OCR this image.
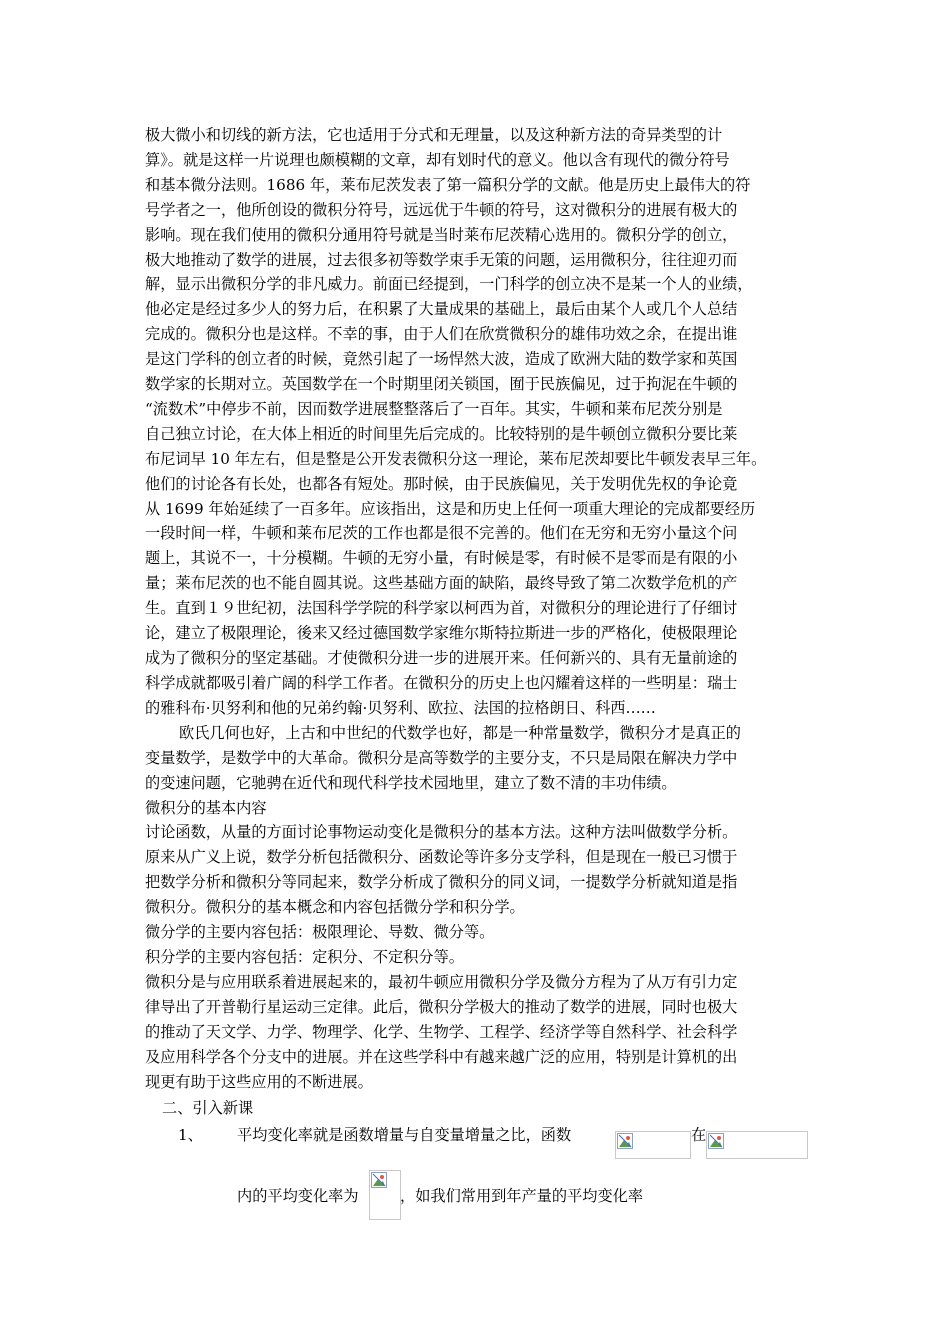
极大微小和切线的新方法，它也适用于分式和无理量，以及这种新方法的奇异类型的计
算》。就是这样一片说理也颇模糊的文章，却有划时代的意义。他以含有现代的微分符号
和基本微分法则。1686 年，莱布尼茨发表了第一篇积分学的文献。他是历史上最伟大的符
号学者之一，他所创设的微积分符号，远远优于牛顿的符号，这对微积分的进展有极大的
影响。现在我们使用的微积分通用符号就是当时莱布尼茨精心选用的。微积分学的创立，
极大地推动了数学的进展，过去很多初等数学束手无策的问题，运用微积分，往往迎刃而
解，显示出微积分学的非凡威力。前面已经提到，一门科学的创立决不是某一个人的业绩，
他必定是经过多少人的努力后，在积累了大量成果的基础上，最后由某个人或几个人总结
完成的。微积分也是这样。不幸的事，由于人们在欣赏微积分的雄伟功效之余，在提出谁
是这门学科的创立者的时候，竟然引起了一场悍然大波，造成了欧洲大陆的数学家和英国
数学家的长期对立。英国数学在一个时期里闭关锁国，囿于民族偏见，过于拘泥在牛顿的
“流数术”中停步不前，因而数学进展整整落后了一百年。其实，牛顿和莱布尼茨分别是
自己独立讨论，在大体上相近的时间里先后完成的。比较特别的是牛顿创立微积分要比莱
布尼词早 10 年左右，但是整是公开发表微积分这一理论，莱布尼茨却要比牛顿发表早三年。
他们的讨论各有长处，也都各有短处。那时候，由于民族偏见，关于发明优先权的争论竟
从 1699 年始延续了一百多年。应该指出，这是和历史上任何一项重大理论的完成都要经历
一段时间一样，牛顿和莱布尼茨的工作也都是很不完善的。他们在无穷和无穷小量这个问
题上，其说不一，十分模糊。牛顿的无穷小量，有时候是零，有时候不是零而是有限的小
量；莱布尼茨的也不能自圆其说。这些基础方面的缺陷，最终导致了第二次数学危机的产
生。直到１９世纪初，法国科学学院的科学家以柯西为首，对微积分的理论进行了仔细讨
论，建立了极限理论，後来又经过德国数学家维尔斯特拉斯进一步的严格化，使极限理论
成为了微积分的坚定基础。才使微积分进一步的进展开来。任何新兴的、具有无量前途的
科学成就都吸引着广阔的科学工作者。在微积分的历史上也闪耀着这样的一些明星：瑞士
的雅科布·贝努利和他的兄弟约翰·贝努利、欧拉、法国的拉格朗日、科西……
欧氏几何也好，上古和中世纪的代数学也好，都是一种常量数学，微积分才是真正的
变量数学，是数学中的大革命。微积分是高等数学的主要分支，不只是局限在解决力学中
的变速问题，它驰骋在近代和现代科学技术园地里，建立了数不清的丰功伟绩。
微积分的基本内容
讨论函数，从量的方面讨论事物运动变化是微积分的基本方法。这种方法叫做数学分析。
原来从广义上说，数学分析包括微积分、函数论等许多分支学科，但是现在一般已习惯于
把数学分析和微积分等同起来，数学分析成了微积分的同义词，一提数学分析就知道是指
微积分。微积分的基本概念和内容包括微分学和积分学。
微分学的主要内容包括：极限理论、导数、微分等。
积分学的主要内容包括：定积分、不定积分等。
微积分是与应用联系着进展起来的，最初牛顿应用微积分学及微分方程为了从万有引力定
律导出了开普勒行星运动三定律。此后，微积分学极大的推动了数学的进展，同时也极大
的推动了天文学、力学、物理学、化学、生物学、工程学、经济学等自然科学、社会科学
及应用科学各个分支中的进展。并在这些学科中有越来越广泛的应用，特别是计算机的出
现更有助于这些应用的不断进展。
二、引入新课
1、 平均变化率就是函数增量与自变量增量之比，函数	在
内的平均变化率为	，如我们常用到年产量的平均变化率
